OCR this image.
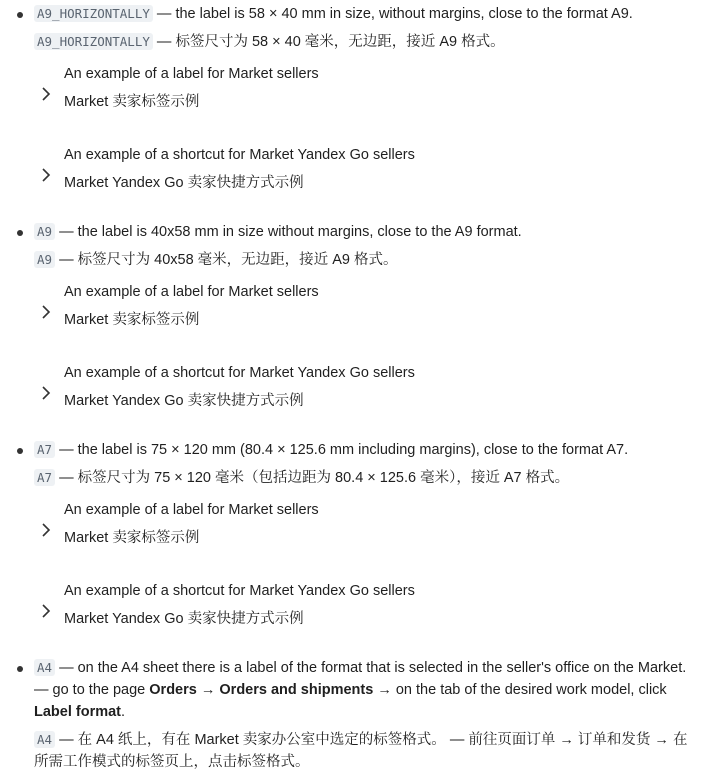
A9_HORIZONTALLY — the label is 58 × 40 mm in size, without margins, close to the format A9.
A9_HORIZONTALLY — 标签尺寸为 58 × 40 毫米，无边距，接近 A9 格式。
An example of a label for Market sellers
Market 卖家标签示例
An example of a shortcut for Market Yandex Go sellers
Market Yandex Go 卖家快捷方式示例
A9 — the label is 40x58 mm in size without margins, close to the A9 format.
A9 — 标签尺寸为 40x58 毫米，无边距，接近 A9 格式。
An example of a label for Market sellers
Market 卖家标签示例
An example of a shortcut for Market Yandex Go sellers
Market Yandex Go 卖家快捷方式示例
A7 — the label is 75 × 120 mm (80.4 × 125.6 mm including margins), close to the format A7.
A7 — 标签尺寸为 75 × 120 毫米（包括边距为 80.4 × 125.6 毫米），接近 A7 格式。
An example of a label for Market sellers
Market 卖家标签示例
An example of a shortcut for Market Yandex Go sellers
Market Yandex Go 卖家快捷方式示例
A4 — on the A4 sheet there is a label of the format that is selected in the seller's office on the Market.
— go to the page Orders → Orders and shipments → on the tab of the desired work model, click
Label format.
A4 — 在 A4 纸上，有在 Market 卖家办公室中选定的标签格式。 — 前往页面订单 → 订单和发货 → 在
所需工作模式的标签页上，点击标签格式。
